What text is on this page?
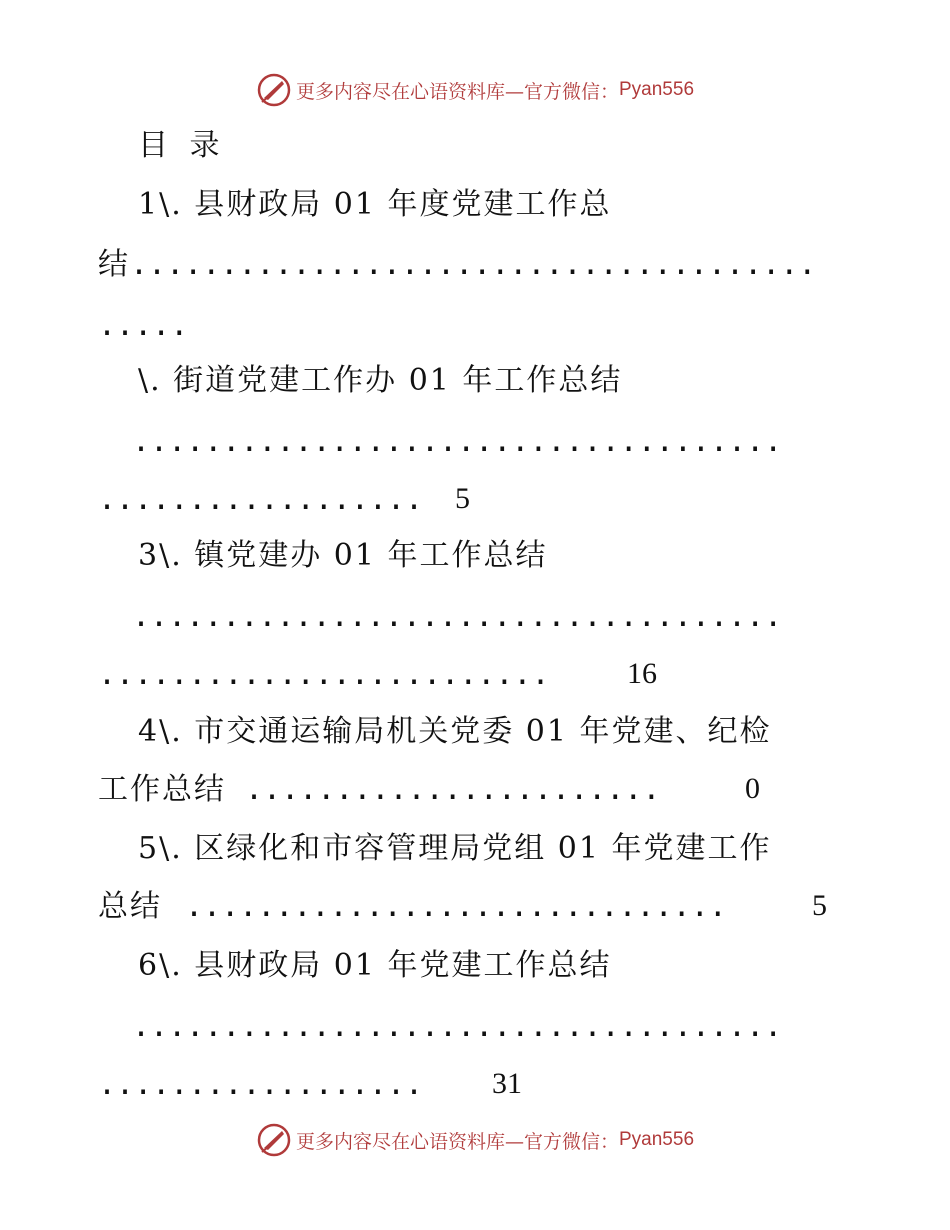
更多内容尽在心语资料库—官方微信： Pyan556
目 录
1\. 县财政局 01 年度党建工作总
结......................................
.....
\. 街道党建工作办 01 年工作总结
....................................
.................. 5
3\. 镇党建办 01 年工作总结
....................................
.........................	16
4\. 市交通运输局机关党委 01 年党建、纪检
工作总结 .......................	0
5\. 区绿化和市容管理局党组 01 年党建工作
总结 ..............................	5
6\. 县财政局 01 年党建工作总结
....................................
.................. 31
更多内容尽在心语资料库—官方微信： Pyan556
